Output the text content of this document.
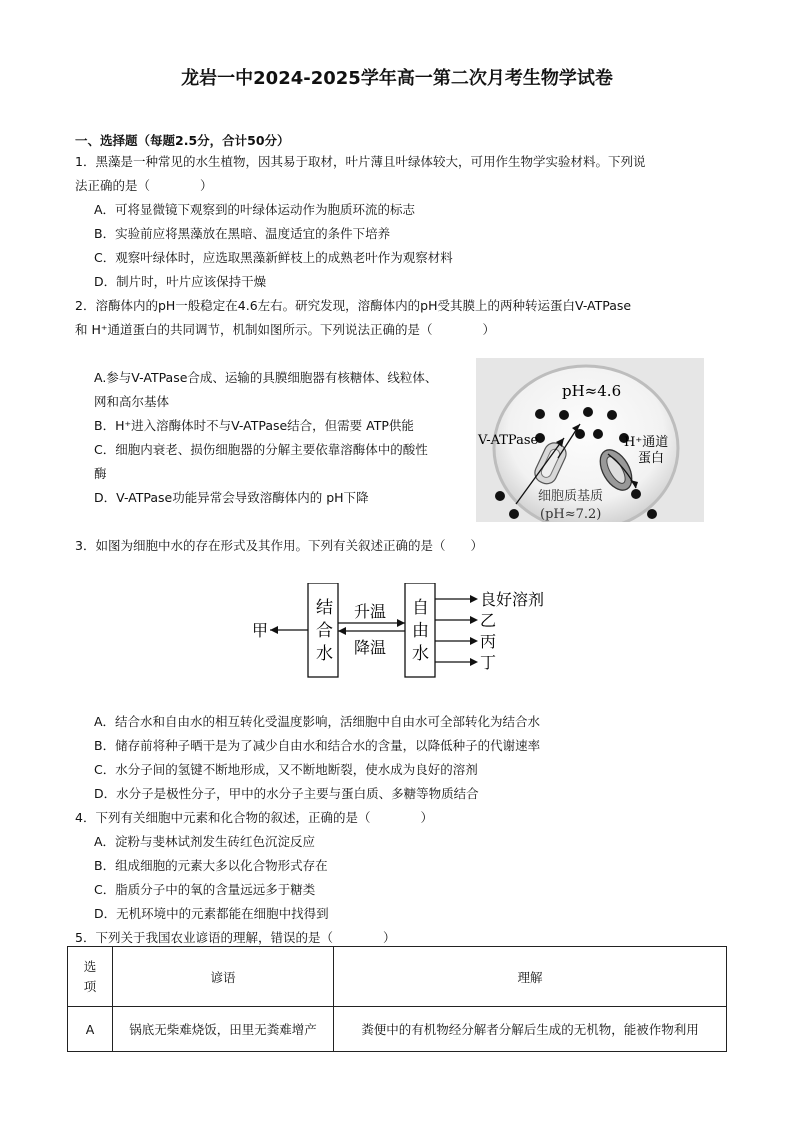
龙岩一中2024-2025学年高一第二次月考生物学试卷
一、选择题（每题2.5分，合计50分）
1．黑藻是一种常见的水生植物，因其易于取材，叶片薄且叶绿体较大，可用作生物学实验材料。下列说
法正确的是（　　　　）
A．可将显微镜下观察到的叶绿体运动作为胞质环流的标志
B．实验前应将黑藻放在黑暗、温度适宜的条件下培养
C．观察叶绿体时，应选取黑藻新鲜枝上的成熟老叶作为观察材料
D．制片时，叶片应该保持干燥
2．溶酶体内的pH一般稳定在4.6左右。研究发现，溶酶体内的pH受其膜上的两种转运蛋白V-ATPase
和 H⁺通道蛋白的共同调节，机制如图所示。下列说法正确的是（　　　　）
A.参与V-ATPase合成、运输的具膜细胞器有核糖体、线粒体、
网和高尔基体
B．H⁺进入溶酶体时不与V-ATPase结合，但需要 ATP供能
C．细胞内衰老、损伤细胞器的分解主要依靠溶酶体中的酸性
酶
D．V-ATPase功能异常会导致溶酶体内的 pH下降
pH≈4.6
V-ATPase	H⁺通道
蛋白
细胞质基质
(pH≈7.2)
3．如图为细胞中水的存在形式及其作用。下列有关叙述正确的是（　　）
结
合
水
自
由
水
升温
降温
甲
良好溶剂
乙
丙
丁
A．结合水和自由水的相互转化受温度影响，活细胞中自由水可全部转化为结合水
B．储存前将种子晒干是为了减少自由水和结合水的含量，以降低种子的代谢速率
C．水分子间的氢键不断地形成，又不断地断裂，使水成为良好的溶剂
D．水分子是极性分子，甲中的水分子主要与蛋白质、多糖等物质结合
4．下列有关细胞中元素和化合物的叙述，正确的是（　　　　）
A．淀粉与斐林试剂发生砖红色沉淀反应
B．组成细胞的元素大多以化合物形式存在
C．脂质分子中的氧的含量远远多于糖类
D．无机环境中的元素都能在细胞中找得到
5．下列关于我国农业谚语的理解，错误的是（　　　　）
选
项	谚语	理解
A	锅底无柴难烧饭，田里无粪难增产	粪便中的有机物经分解者分解后生成的无机物，能被作物利用
